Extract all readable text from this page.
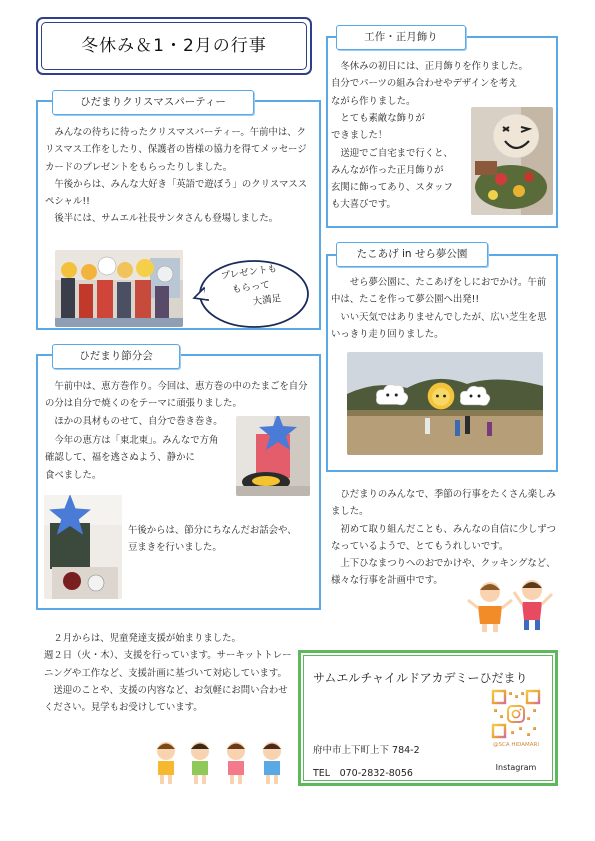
冬休み＆1・2月の行事
ひだまりクリスマスパーティー

　みんなの待ちに待ったクリスマスパーティー。午前中は、クリスマス工作をしたり、保護者の皆様の協力を得てメッセージカードのプレゼントをもらったりしました。

　午後からは、みんな大好き「英語で遊ぼう」のクリスマススペシャル!!

　後半には、サムエル社長サンタさんも登場しました。

プレゼントも
もらって
大満足
ひだまり節分会

　午前中は、恵方巻作り。今回は、恵方巻の中のたまごを自分の分は自分で焼くのをテーマに頑張りました。

　ほかの具材ものせて、自分で巻き巻き。

　今年の恵方は「東北東」。みんなで方角

確認して、福を逃さぬよう、静かに

食べました。

午後からは、節分にちなんだお話会や、

豆まきを行いました。

工作・正月飾り

　冬休みの初日には、正月飾りを作りました。

自分でパーツの組み合わせやデザインを考え

ながら作りました。

　とても素敵な飾りが

できました！

　送迎でご自宅まで行くと、

みんなが作った正月飾りが

玄関に飾ってあり、スタッフ

も大喜びです。

たこあげ in せら夢公園

　　せら夢公園に、たこあげをしにおでかけ。午前中は、たこを作って夢公園へ出発!!

　いい天気ではありませんでしたが、広い芝生を思いっきり走り回りました。

　ひだまりのみんなで、季節の行事をたくさん楽しみました。

　初めて取り組んだことも、みんなの自信に少しずつなっているようで、とてもうれしいです。

　上下ひなまつりへのおでかけや、クッキングなど、様々な行事を計画中です。

　２月からは、児童発達支援が始まりました。

週２日（火・木）、支援を行っています。サーキットトレーニングや工作など、支援計画に基づいて対応しています。

　送迎のことや、支援の内容など、お気軽にお問い合わせください。見学もお受けしています。

サムエルチャイルドアカデミーひだまり
府中市上下町上下 784-2
TEL　070-2832-8056
@SCA HIDAMARI
Instagram
